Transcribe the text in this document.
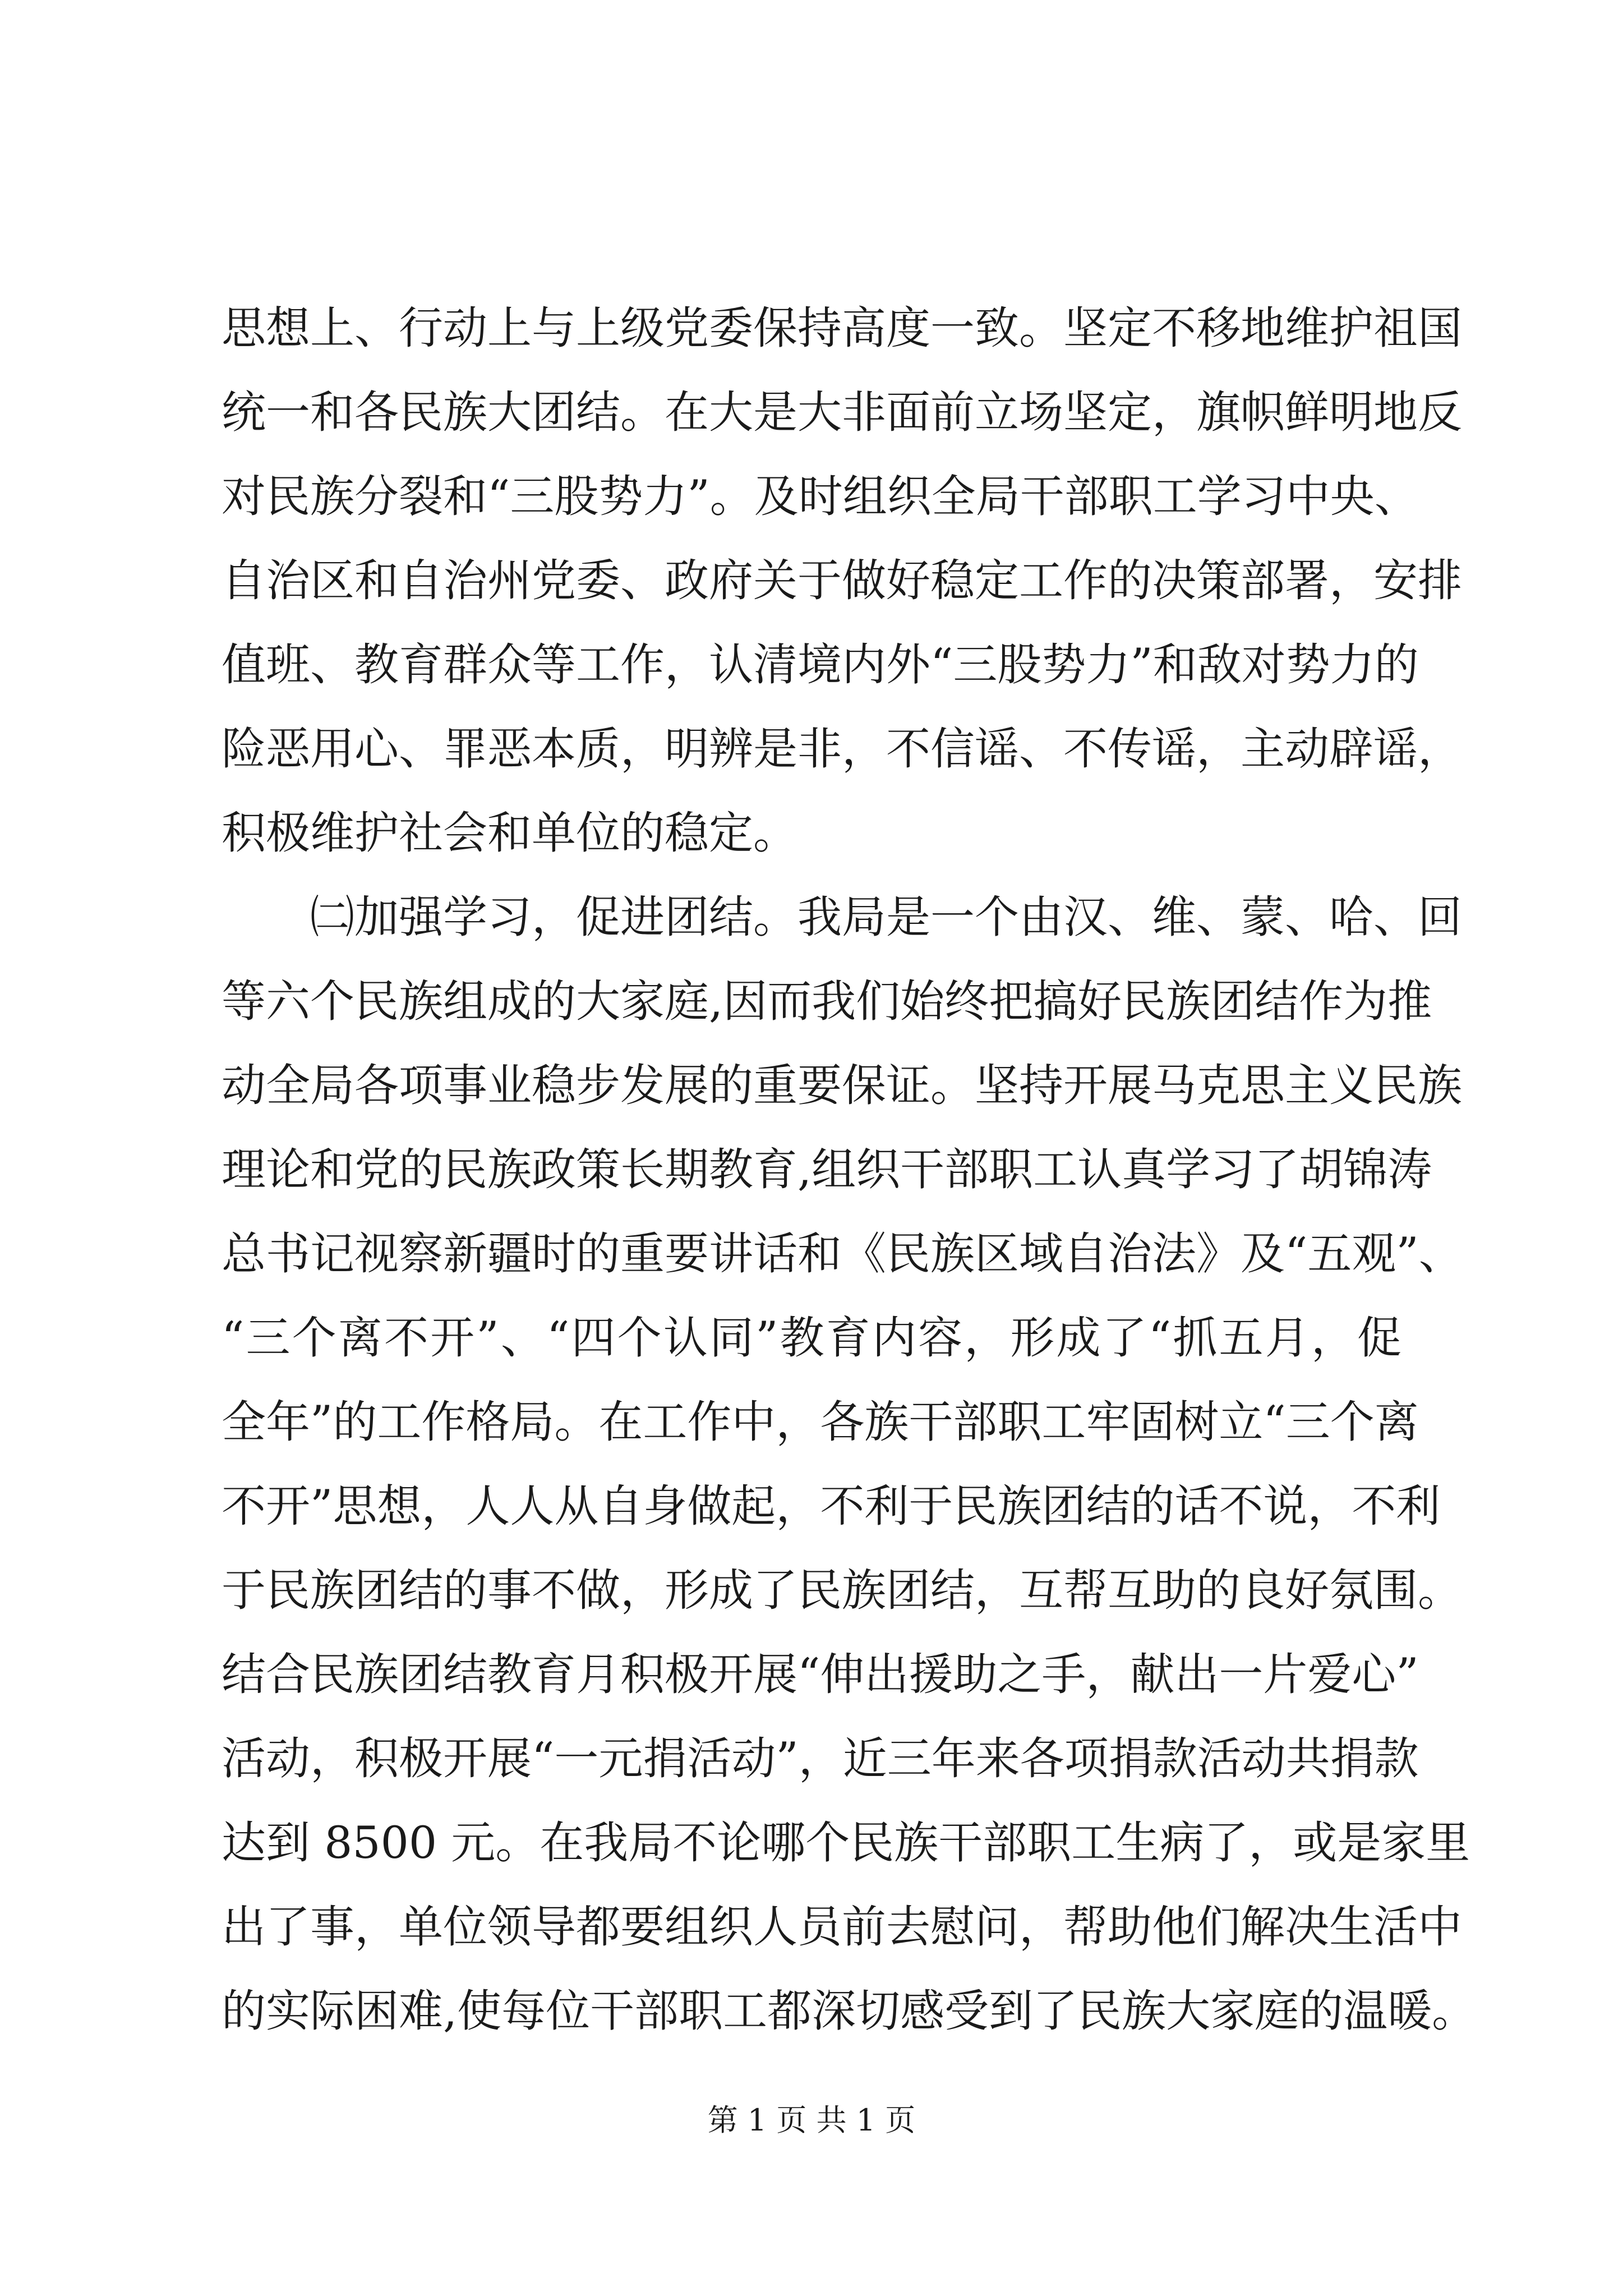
思想上、行动上与上级党委保持高度一致。坚定不移地维护祖国
统一和各民族大团结。在大是大非面前立场坚定，旗帜鲜明地反
对民族分裂和“三股势力”。及时组织全局干部职工学习中央、
自治区和自治州党委、政府关于做好稳定工作的决策部署，安排
值班、教育群众等工作，认清境内外“三股势力”和敌对势力的
险恶用心、罪恶本质，明辨是非，不信谣、不传谣，主动辟谣，
积极维护社会和单位的稳定。
㈡加强学习，促进团结。我局是一个由汉、维、蒙、哈、回
等六个民族组成的大家庭,因而我们始终把搞好民族团结作为推
动全局各项事业稳步发展的重要保证。坚持开展马克思主义民族
理论和党的民族政策长期教育,组织干部职工认真学习了胡锦涛
总书记视察新疆时的重要讲话和《民族区域自治法》及“五观”、
“三个离不开”、“四个认同”教育内容，形成了“抓五月，促
全年”的工作格局。在工作中，各族干部职工牢固树立“三个离
不开”思想，人人从自身做起，不利于民族团结的话不说，不利
于民族团结的事不做，形成了民族团结，互帮互助的良好氛围。
结合民族团结教育月积极开展“伸出援助之手，献出一片爱心”
活动，积极开展“一元捐活动”，近三年来各项捐款活动共捐款
达到 8500 元。在我局不论哪个民族干部职工生病了，或是家里
出了事，单位领导都要组织人员前去慰问，帮助他们解决生活中
的实际困难,使每位干部职工都深切感受到了民族大家庭的温暖。
第 1 页 共 1 页
